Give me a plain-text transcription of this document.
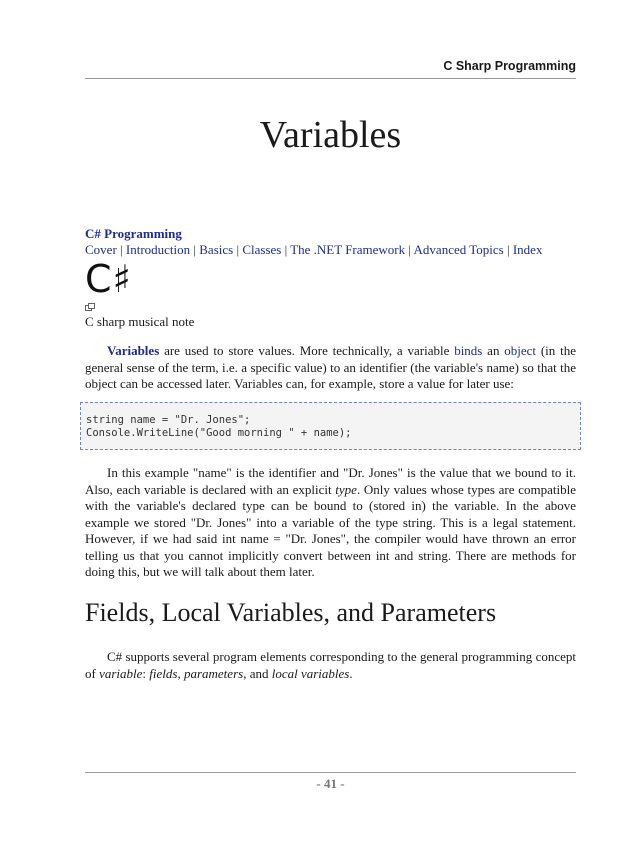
C Sharp Programming
Variables
C# Programming
Cover | Introduction | Basics | Classes | The .NET Framework | Advanced Topics | Index
C♯
C sharp musical note

Variables are used to store values. More technically, a variable binds an object (in the general sense of the term, i.e. a specific value) to an identifier (the variable's name) so that the object can be accessed later. Variables can, for example, store a value for later use:

string name = "Dr. Jones";
Console.WriteLine("Good morning " + name);

In this example "name" is the identifier and "Dr. Jones" is the value that we bound to it. Also, each variable is declared with an explicit type. Only values whose types are compatible with the variable's declared type can be bound to (stored in) the variable. In the above example we stored "Dr. Jones" into a variable of the type string. This is a legal statement. However, if we had said int name = "Dr. Jones", the compiler would have thrown an error telling us that you cannot implicitly convert between int and string. There are methods for doing this, but we will talk about them later.

Fields, Local Variables, and Parameters

C# supports several program elements corresponding to the general programming concept of variable: fields, parameters, and local variables.

- 41 -
